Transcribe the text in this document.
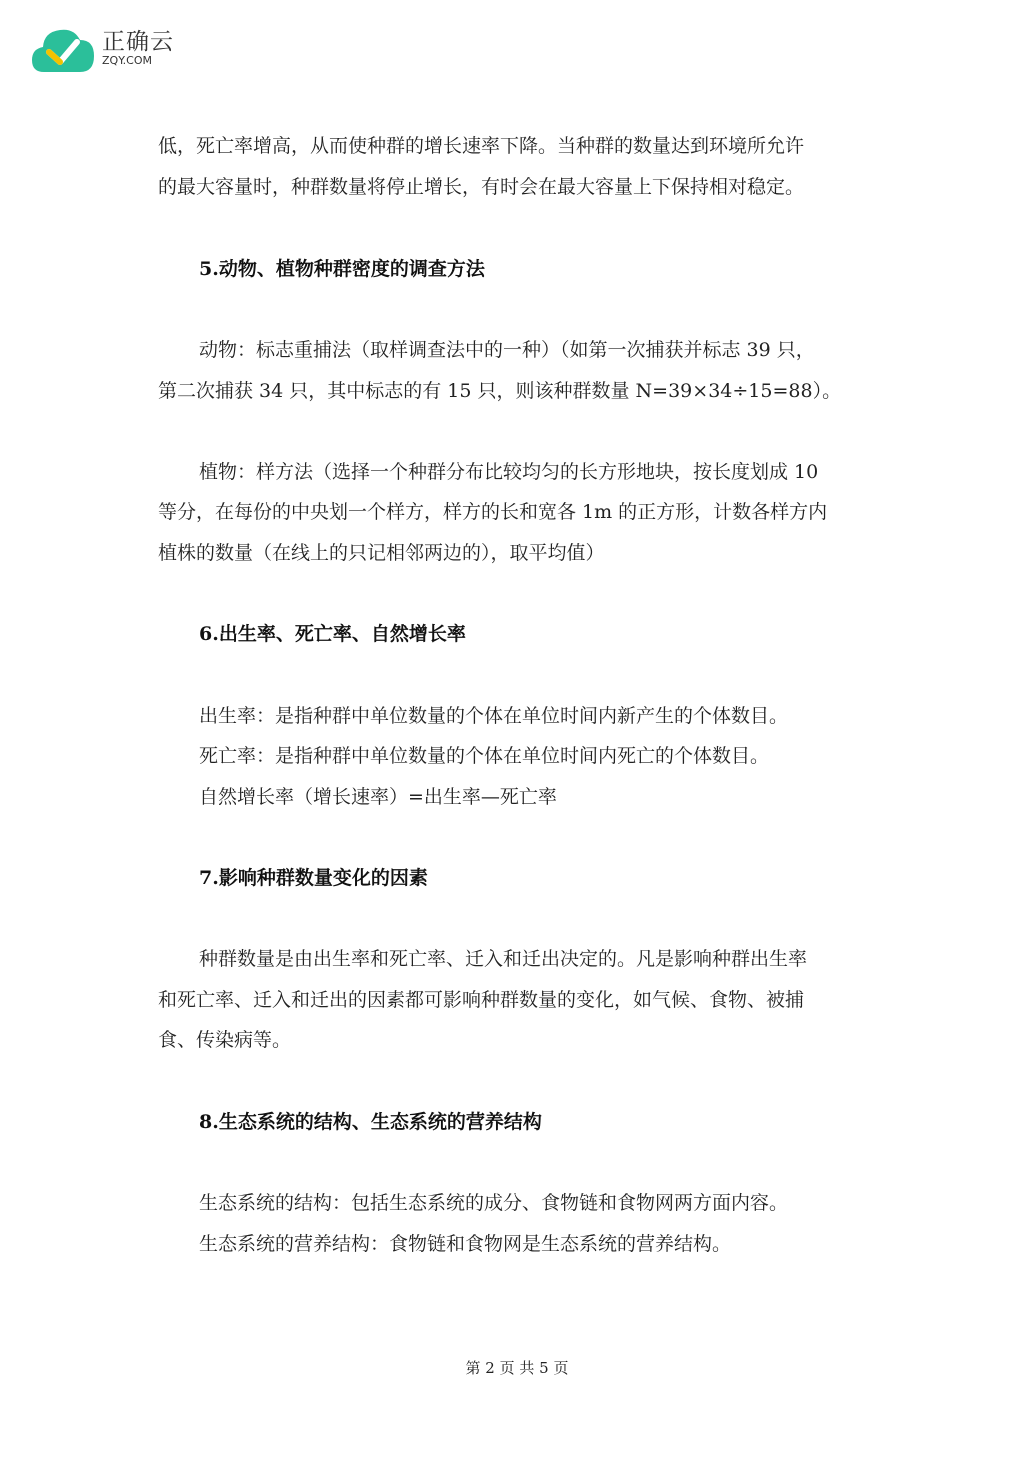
正确云
ZQY.COM
低，死亡率增高，从而使种群的增长速率下降。当种群的数量达到环境所允许
的最大容量时，种群数量将停止增长，有时会在最大容量上下保持相对稳定。
5.动物、植物种群密度的调查方法
动物：标志重捕法（取样调查法中的一种）（如第一次捕获并标志 39 只，
第二次捕获 34 只，其中标志的有 15 只，则该种群数量 N=39×34÷15=88）。
植物：样方法（选择一个种群分布比较均匀的长方形地块，按长度划成 10
等分，在每份的中央划一个样方，样方的长和宽各 1m 的正方形，计数各样方内
植株的数量（在线上的只记相邻两边的），取平均值）
6.出生率、死亡率、自然增长率
出生率：是指种群中单位数量的个体在单位时间内新产生的个体数目。
死亡率：是指种群中单位数量的个体在单位时间内死亡的个体数目。
自然增长率（增长速率）=出生率—死亡率
7.影响种群数量变化的因素
种群数量是由出生率和死亡率、迁入和迁出决定的。凡是影响种群出生率
和死亡率、迁入和迁出的因素都可影响种群数量的变化，如气候、食物、被捕
食、传染病等。
8.生态系统的结构、生态系统的营养结构
生态系统的结构：包括生态系统的成分、食物链和食物网两方面内容。
生态系统的营养结构：食物链和食物网是生态系统的营养结构。
第 2 页 共 5 页
